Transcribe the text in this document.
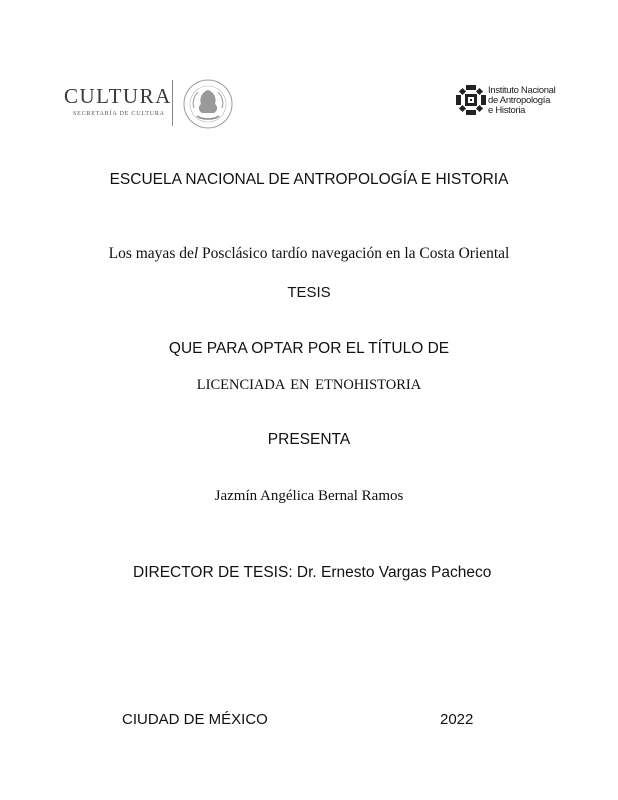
CULTURA
SECRETARÍA DE CULTURA
Instituto Nacional
de Antropología
e Historia
ESCUELA NACIONAL DE ANTROPOLOGÍA E HISTORIA
Los mayas del Posclásico tardío navegación en la Costa Oriental
TESIS
QUE PARA OPTAR POR EL TÍTULO DE
LICENCIADA EN ETNOHISTORIA
PRESENTA
Jazmín Angélica Bernal Ramos
DIRECTOR DE TESIS: Dr. Ernesto Vargas Pacheco
CIUDAD DE MÉXICO	2022
